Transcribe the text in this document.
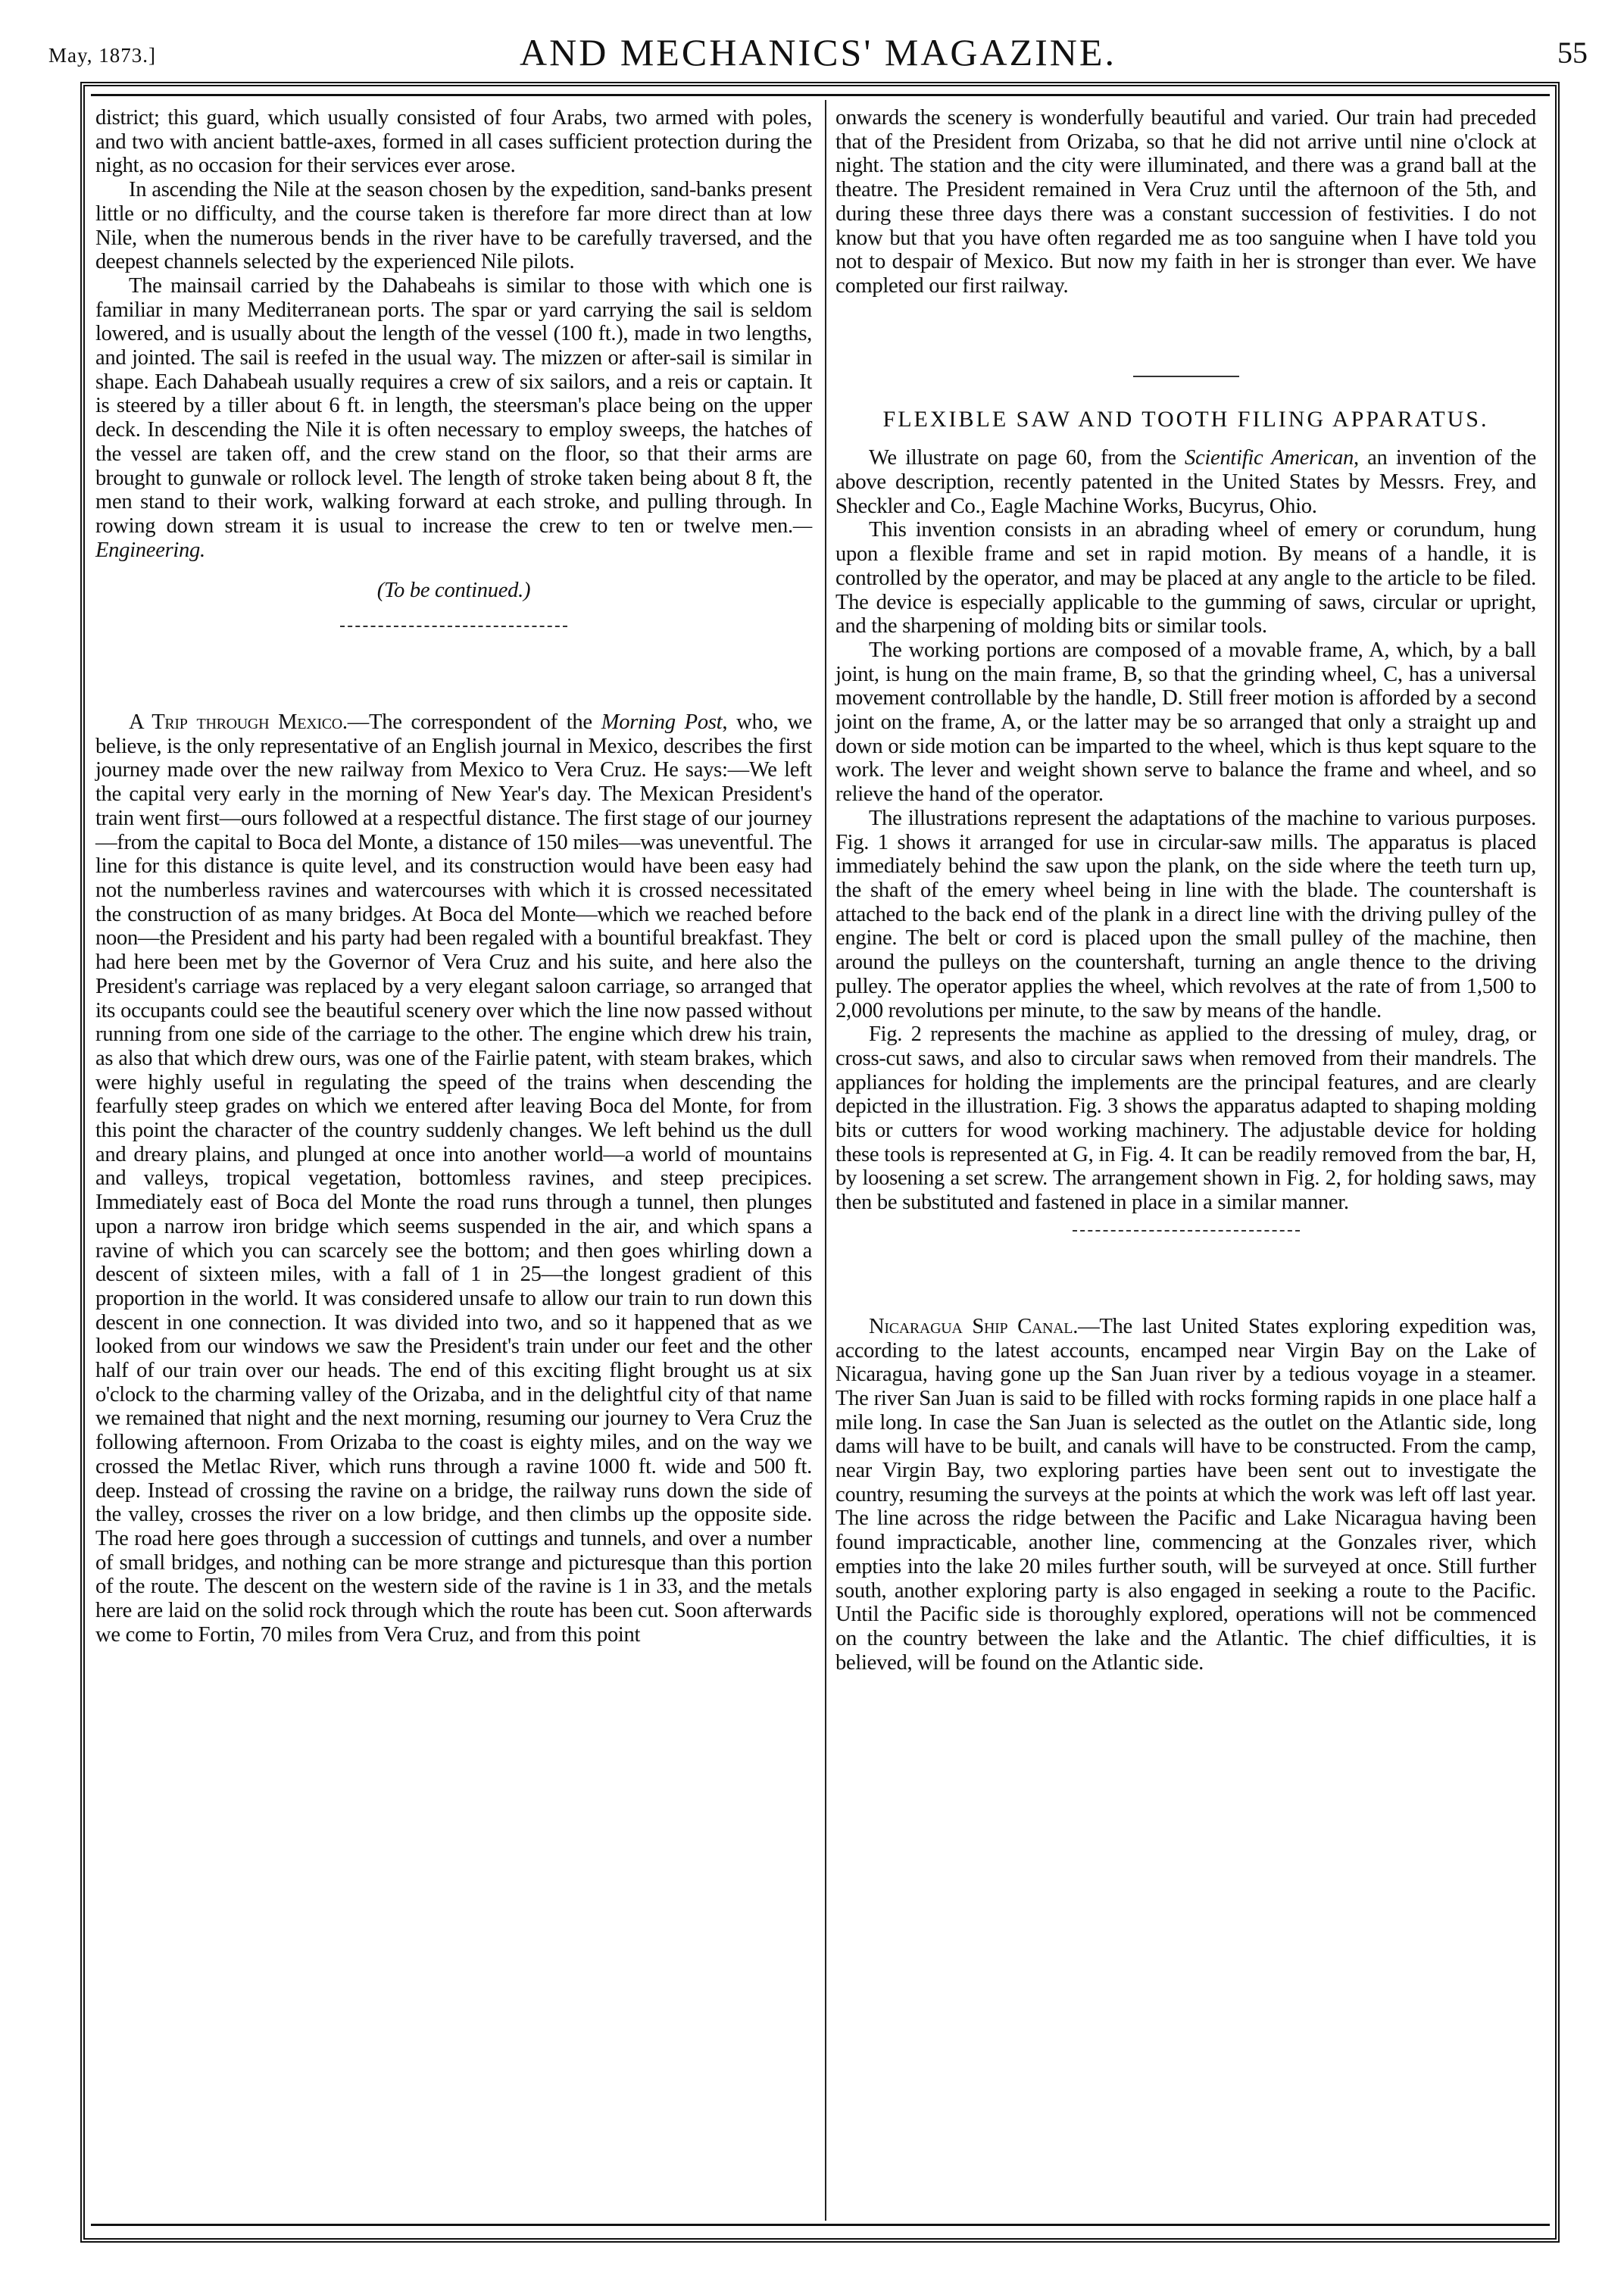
May, 1873.]	AND MECHANICS' MAGAZINE.	55

district; this guard, which usually consisted of four Arabs, two armed with poles, and two with ancient battle-axes, formed in all cases sufficient protection during the night, as no occasion for their services ever arose.

In ascending the Nile at the season chosen by the expedition, sand-banks present little or no difficulty, and the course taken is therefore far more direct than at low Nile, when the numerous bends in the river have to be carefully traversed, and the deepest channels selected by the experienced Nile pilots.

The mainsail carried by the Dahabeahs is similar to those with which one is familiar in many Mediterranean ports. The spar or yard carrying the sail is seldom lowered, and is usually about the length of the vessel (100 ft.), made in two lengths, and jointed. The sail is reefed in the usual way. The mizzen or after-sail is similar in shape. Each Dahabeah usually requires a crew of six sailors, and a reis or captain. It is steered by a tiller about 6 ft. in length, the steersman's place being on the upper deck. In descending the Nile it is often necessary to employ sweeps, the hatches of the vessel are taken off, and the crew stand on the floor, so that their arms are brought to gunwale or rollock level. The length of stroke taken being about 8 ft, the men stand to their work, walking forward at each stroke, and pulling through. In rowing down stream it is usual to increase the crew to ten or twelve men.—Engineering.

(To be continued.)

A Trip through Mexico.—The correspondent of the Morning Post, who, we believe, is the only representative of an English journal in Mexico, describes the first journey made over the new railway from Mexico to Vera Cruz. He says:—We left the capital very early in the morning of New Year's day. The Mexican President's train went first—ours followed at a respectful distance. The first stage of our journey—from the capital to Boca del Monte, a distance of 150 miles—was uneventful. The line for this distance is quite level, and its construction would have been easy had not the numberless ravines and watercourses with which it is crossed necessitated the construction of as many bridges. At Boca del Monte—which we reached before noon—the President and his party had been regaled with a bountiful breakfast. They had here been met by the Governor of Vera Cruz and his suite, and here also the President's carriage was replaced by a very elegant saloon carriage, so arranged that its occupants could see the beautiful scenery over which the line now passed without running from one side of the carriage to the other. The engine which drew his train, as also that which drew ours, was one of the Fairlie patent, with steam brakes, which were highly useful in regulating the speed of the trains when descending the fearfully steep grades on which we entered after leaving Boca del Monte, for from this point the character of the country suddenly changes. We left behind us the dull and dreary plains, and plunged at once into another world—a world of mountains and valleys, tropical vegetation, bottomless ravines, and steep precipices. Immediately east of Boca del Monte the road runs through a tunnel, then plunges upon a narrow iron bridge which seems suspended in the air, and which spans a ravine of which you can scarcely see the bottom; and then goes whirling down a descent of sixteen miles, with a fall of 1 in 25—the longest gradient of this proportion in the world. It was considered unsafe to allow our train to run down this descent in one connection. It was divided into two, and so it happened that as we looked from our windows we saw the President's train under our feet and the other half of our train over our heads. The end of this exciting flight brought us at six o'clock to the charming valley of the Orizaba, and in the delightful city of that name we remained that night and the next morning, resuming our journey to Vera Cruz the following afternoon. From Orizaba to the coast is eighty miles, and on the way we crossed the Metlac River, which runs through a ravine 1000 ft. wide and 500 ft. deep. Instead of crossing the ravine on a bridge, the railway runs down the side of the valley, crosses the river on a low bridge, and then climbs up the opposite side. The road here goes through a succession of cuttings and tunnels, and over a number of small bridges, and nothing can be more strange and picturesque than this portion of the route. The descent on the western side of the ravine is 1 in 33, and the metals here are laid on the solid rock through which the route has been cut. Soon afterwards we come to Fortin, 70 miles from Vera Cruz, and from this point

onwards the scenery is wonderfully beautiful and varied. Our train had preceded that of the President from Orizaba, so that he did not arrive until nine o'clock at night. The station and the city were illuminated, and there was a grand ball at the theatre. The President remained in Vera Cruz until the afternoon of the 5th, and during these three days there was a constant succession of festivities. I do not know but that you have often regarded me as too sanguine when I have told you not to despair of Mexico. But now my faith in her is stronger than ever. We have completed our first railway.

FLEXIBLE SAW AND TOOTH FILING APPARATUS.

We illustrate on page 60, from the Scientific American, an invention of the above description, recently patented in the United States by Messrs. Frey, and Sheckler and Co., Eagle Machine Works, Bucyrus, Ohio.

This invention consists in an abrading wheel of emery or corundum, hung upon a flexible frame and set in rapid motion. By means of a handle, it is controlled by the operator, and may be placed at any angle to the article to be filed. The device is especially applicable to the gumming of saws, circular or upright, and the sharpening of molding bits or similar tools.

The working portions are composed of a movable frame, A, which, by a ball joint, is hung on the main frame, B, so that the grinding wheel, C, has a universal movement controllable by the handle, D. Still freer motion is afforded by a second joint on the frame, A, or the latter may be so arranged that only a straight up and down or side motion can be imparted to the wheel, which is thus kept square to the work. The lever and weight shown serve to balance the frame and wheel, and so relieve the hand of the operator.

The illustrations represent the adaptations of the machine to various purposes. Fig. 1 shows it arranged for use in circular-saw mills. The apparatus is placed immediately behind the saw upon the plank, on the side where the teeth turn up, the shaft of the emery wheel being in line with the blade. The countershaft is attached to the back end of the plank in a direct line with the driving pulley of the engine. The belt or cord is placed upon the small pulley of the machine, then around the pulleys on the countershaft, turning an angle thence to the driving pulley. The operator applies the wheel, which revolves at the rate of from 1,500 to 2,000 revolutions per minute, to the saw by means of the handle.

Fig. 2 represents the machine as applied to the dressing of muley, drag, or cross-cut saws, and also to circular saws when removed from their mandrels. The appliances for holding the implements are the principal features, and are clearly depicted in the illustration. Fig. 3 shows the apparatus adapted to shaping molding bits or cutters for wood working machinery. The adjustable device for holding these tools is represented at G, in Fig. 4. It can be readily removed from the bar, H, by loosening a set screw. The arrangement shown in Fig. 2, for holding saws, may then be substituted and fastened in place in a similar manner.

Nicaragua Ship Canal.—The last United States exploring expedition was, according to the latest accounts, encamped near Virgin Bay on the Lake of Nicaragua, having gone up the San Juan river by a tedious voyage in a steamer. The river San Juan is said to be filled with rocks forming rapids in one place half a mile long. In case the San Juan is selected as the outlet on the Atlantic side, long dams will have to be built, and canals will have to be constructed. From the camp, near Virgin Bay, two exploring parties have been sent out to investigate the country, resuming the surveys at the points at which the work was left off last year. The line across the ridge between the Pacific and Lake Nicaragua having been found impracticable, another line, commencing at the Gonzales river, which empties into the lake 20 miles further south, will be surveyed at once. Still further south, another exploring party is also engaged in seeking a route to the Pacific. Until the Pacific side is thoroughly explored, operations will not be commenced on the country between the lake and the Atlantic. The chief difficulties, it is believed, will be found on the Atlantic side.
